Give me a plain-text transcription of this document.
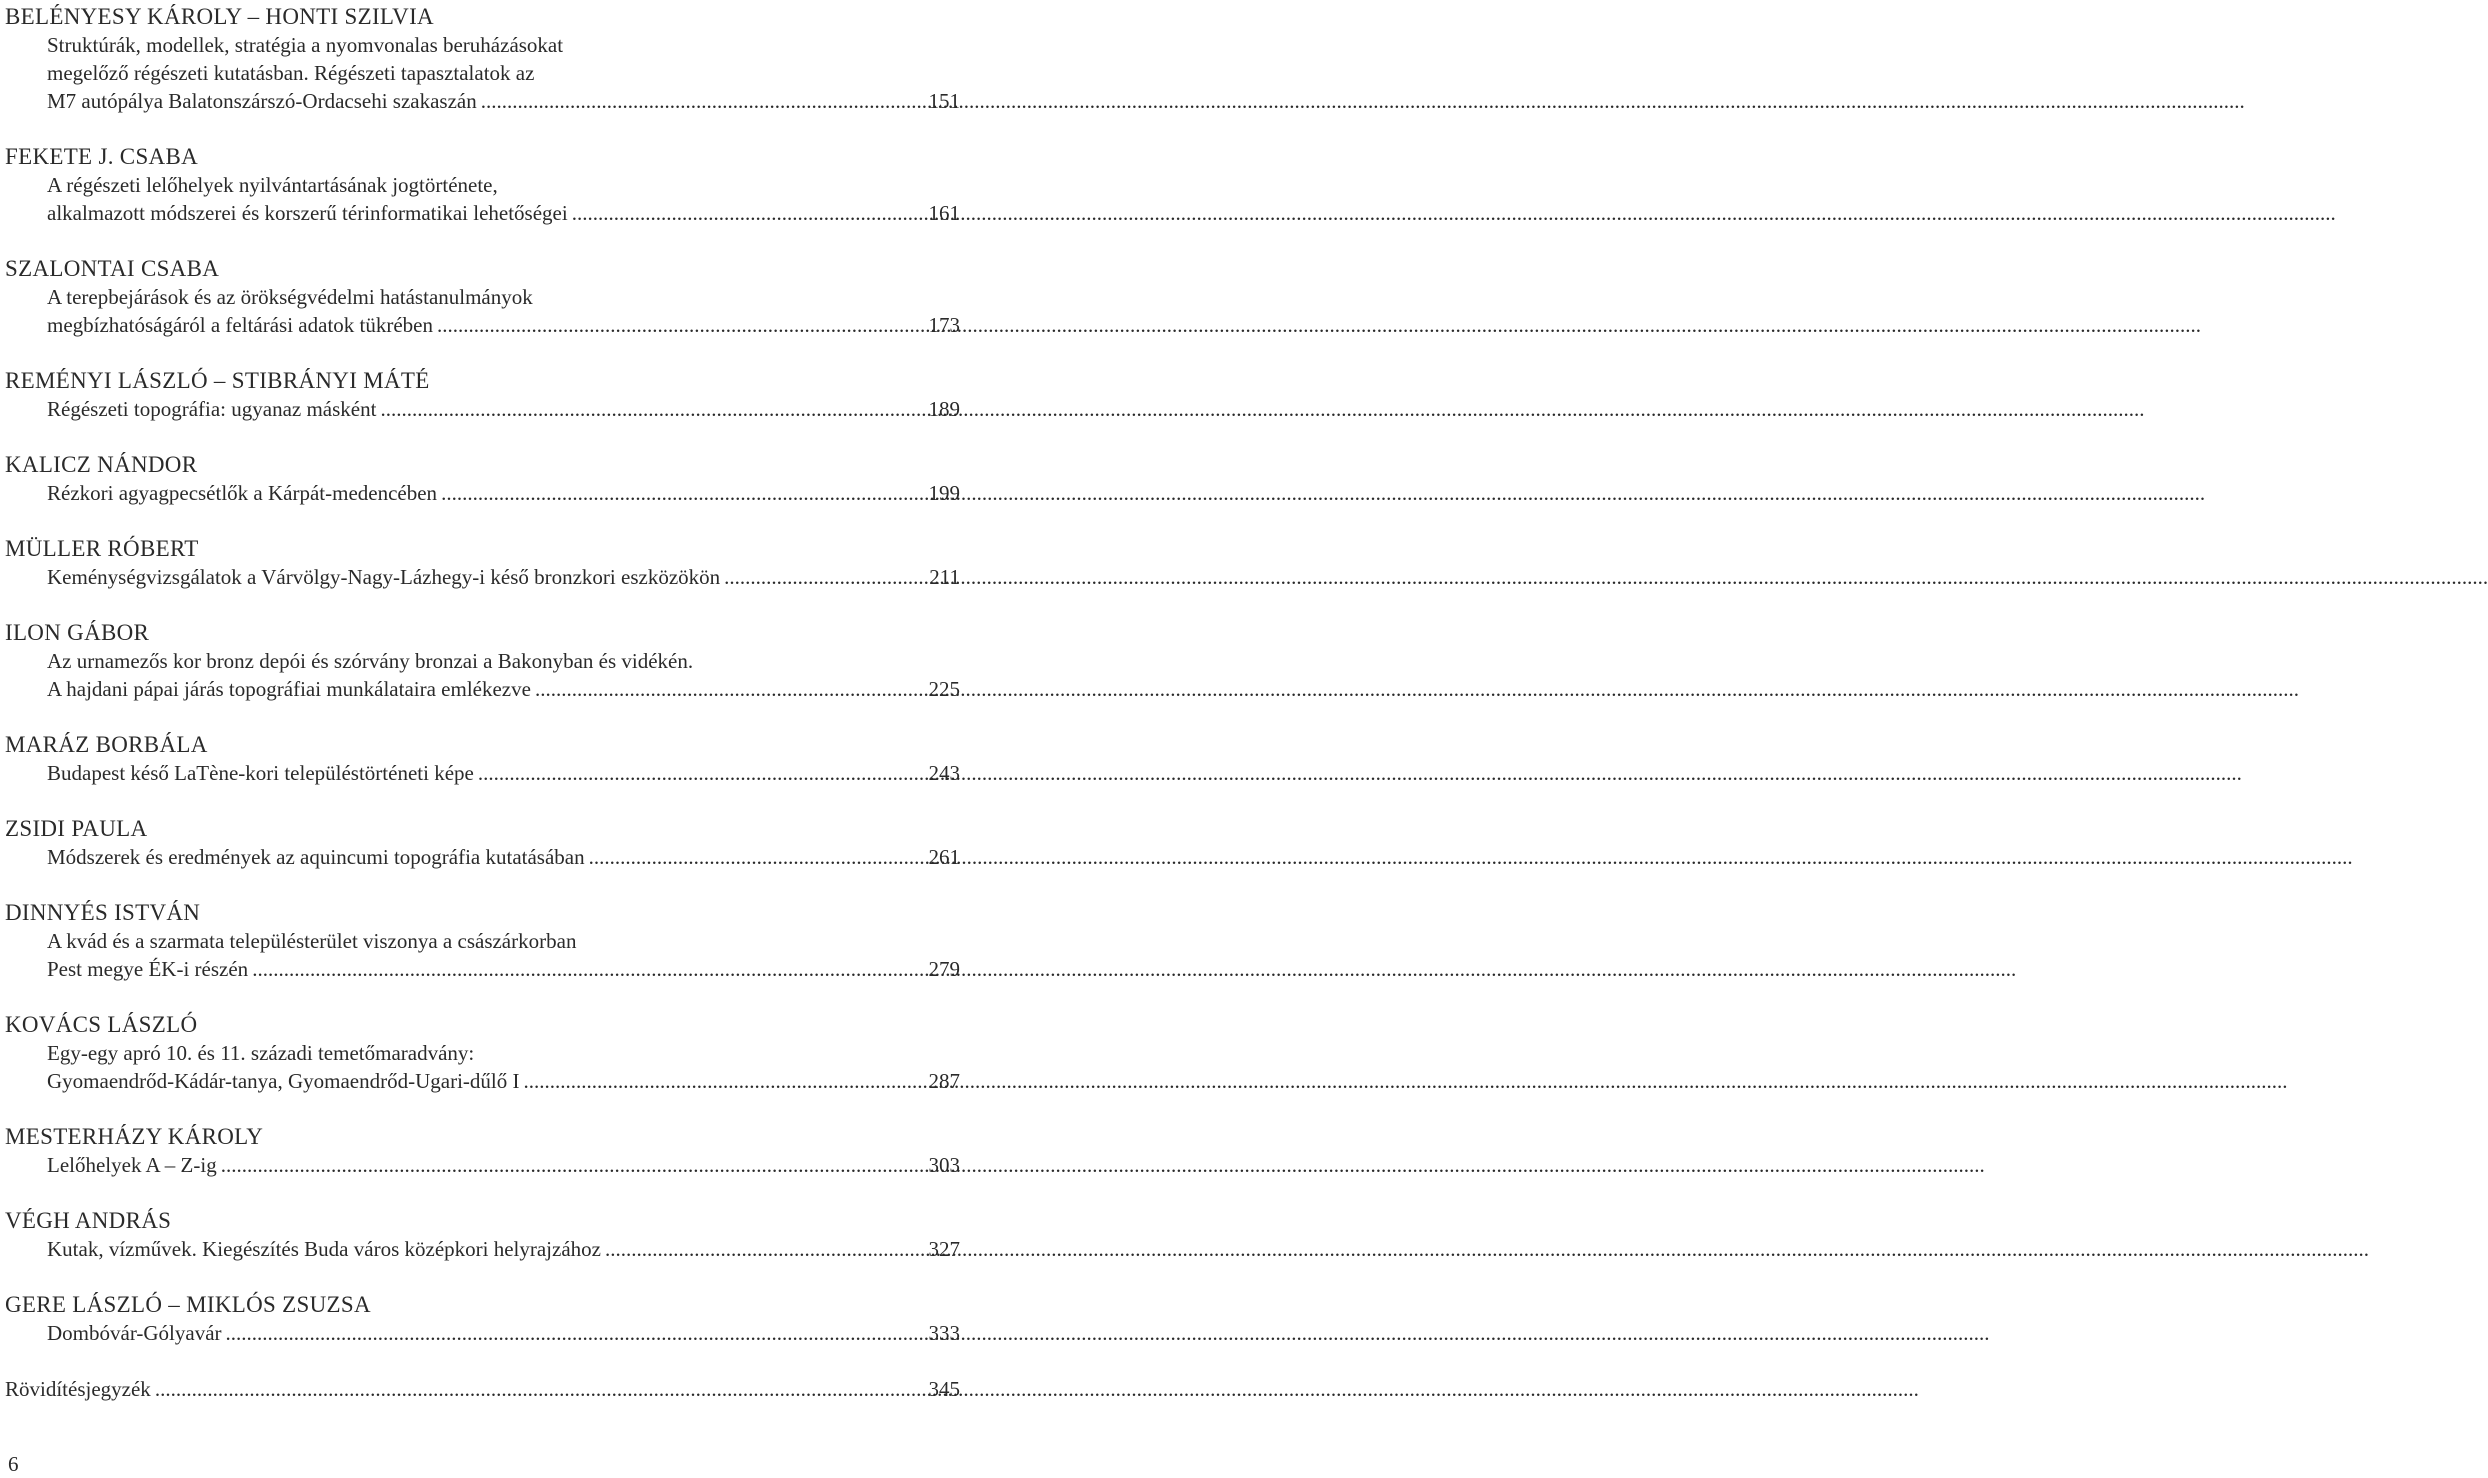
BELÉNYESY KÁROLY – HONTI SZILVIA
Struktúrák, modellek, stratégia a nyomvonalas beruházásokat
megelőző régészeti kutatásban. Régészeti tapasztalatok az
M7 autópálya Balatonszárszó-Ordacsehi szakaszán .....	151
FEKETE J. CSABA
A régészeti lelőhelyek nyilvántartásának jogtörténete,
alkalmazott módszerei és korszerű térinformatikai lehetőségei .....	161
SZALONTAI CSABA
A terepbejárások és az örökségvédelmi hatástanulmányok
megbízhatóságáról a feltárási adatok tükrében .....	173
REMÉNYI LÁSZLÓ – STIBRÁNYI MÁTÉ
Régészeti topográfia: ugyanaz másként .....	189
KALICZ NÁNDOR
Rézkori agyagpecsétlők a Kárpát-medencében .....	199
MÜLLER RÓBERT
Keménységvizsgálatok a Várvölgy-Nagy-Lázhegy-i késő bronzkori eszközökön .....	211
ILON GÁBOR
Az urnamezős kor bronz depói és szórvány bronzai a Bakonyban és vidékén.
A hajdani pápai járás topográfiai munkálataira emlékezve .....	225
MARÁZ BORBÁLA
Budapest késő LaTène-kori településtörténeti képe .....	243
ZSIDI PAULA
Módszerek és eredmények az aquincumi topográfia kutatásában .....	261
DINNYÉS ISTVÁN
A kvád és a szarmata településterület viszonya a császárkorban
Pest megye ÉK-i részén .....	279
KOVÁCS LÁSZLÓ
Egy-egy apró 10. és 11. századi temetőmaradvány:
Gyomaendrőd-Kádár-tanya, Gyomaendrőd-Ugari-dűlő I .....	287
MESTERHÁZY KÁROLY
Lelőhelyek A – Z-ig .....	303
VÉGH ANDRÁS
Kutak, vízművek. Kiegészítés Buda város középkori helyrajzához .....	327
GERE LÁSZLÓ – MIKLÓS ZSUZSA
Dombóvár-Gólyavár .....	333
Rövidítésjegyzék .....	345
6
